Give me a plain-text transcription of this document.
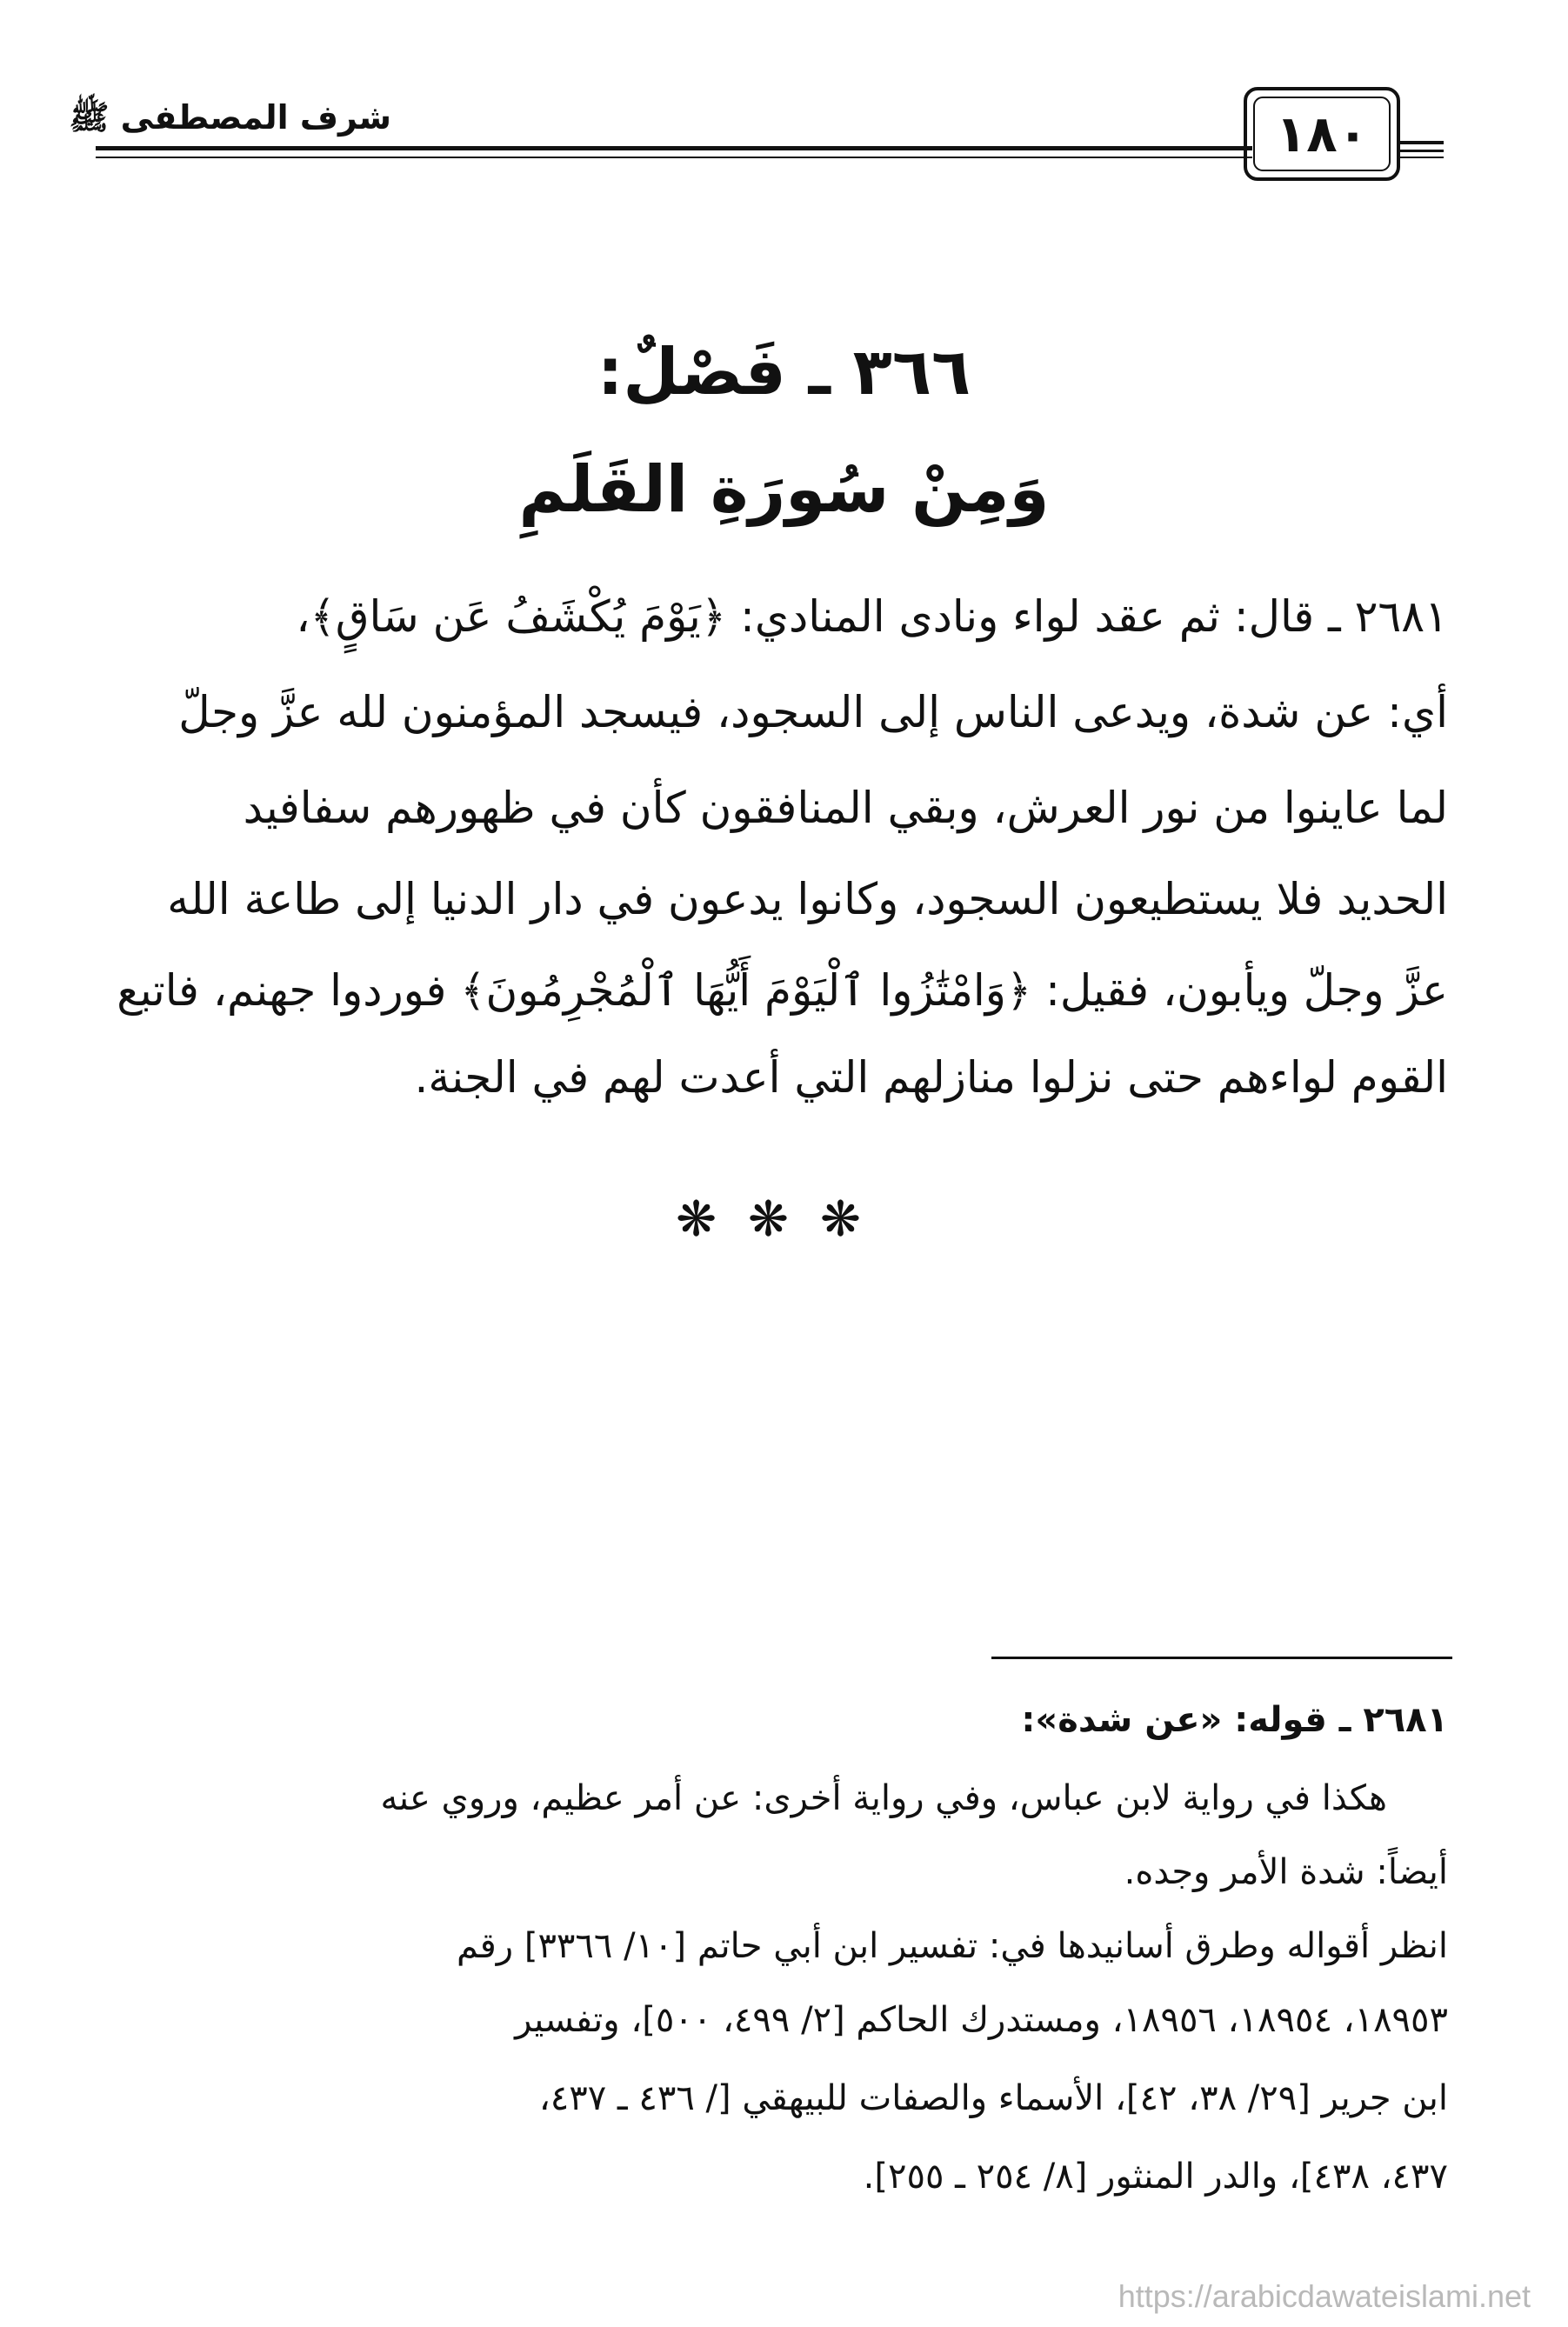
شرف المصطفى ﷺ	١٨٠
٣٦٦ ـ فَصْلٌ:
وَمِنْ سُورَةِ القَلَمِ
٢٦٨١ ـ قال: ثم عقد لواء ونادى المنادي: ﴿يَوْمَ يُكْشَفُ عَن سَاقٍ﴾،
أي: عن شدة، ويدعى الناس إلى السجود، فيسجد المؤمنون لله عزَّ وجلّ
لما عاينوا من نور العرش، وبقي المنافقون كأن في ظهورهم سفافيد
الحديد فلا يستطيعون السجود، وكانوا يدعون في دار الدنيا إلى طاعة الله
عزَّ وجلّ ويأبون، فقيل: ﴿وَامْتَٰزُوا ٱلْيَوْمَ أَيُّهَا ٱلْمُجْرِمُونَ﴾ فوردوا جهنم، فاتبع
القوم لواءهم حتى نزلوا منازلهم التي أعدت لهم في الجنة.
❋❋❋
٢٦٨١ ـ قوله: «عن شدة»:
هكذا في رواية لابن عباس، وفي رواية أخرى: عن أمر عظيم، وروي عنه
أيضاً: شدة الأمر وجده.
انظر أقواله وطرق أسانيدها في: تفسير ابن أبي حاتم [١٠/ ٣٣٦٦] رقم
١٨٩٥٣، ١٨٩٥٤، ١٨٩٥٦، ومستدرك الحاكم [٢/ ٤٩٩، ٥٠٠]، وتفسير
ابن جرير [٢٩/ ٣٨، ٤٢]، الأسماء والصفات للبيهقي [/ ٤٣٦ ـ ٤٣٧،
٤٣٧، ٤٣٨]، والدر المنثور [٨/ ٢٥٤ ـ ٢٥٥].
https://arabicdawateislami.net
